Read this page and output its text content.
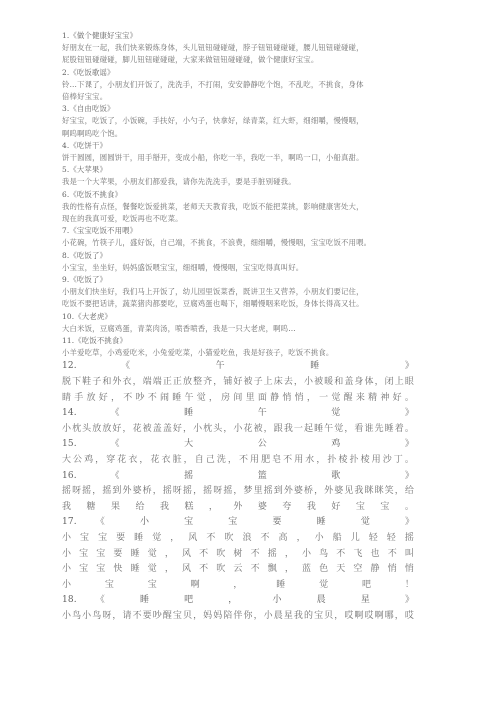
1.《做个健康好宝宝》
好朋友在一起，我们快来锻炼身体，头儿钮钮碰碰碰，脖子钮钮碰碰碰，腰儿钮钮碰碰碰，
屁股钮钮碰碰碰，脚儿钮钮碰碰碰，大家来做钮钮碰碰碰，做个健康好宝宝。
2.《吃饭歌谣》
铃…下课了，小朋友们开饭了，洗洗手，不打闹，安安静静吃个饱，不乱吃，不挑食，身体
倍棒好宝宝。
3.《自由吃饭》
好宝宝，吃饭了，小饭碗，手扶好，小勺子，快拿好，绿青菜，红大虾，细细嚼，慢慢咽，
啊呜啊呜吃个饱。
4.《吃饼干》
饼干圆圆，圆圆饼干，用手掰开，变成小船，你吃一半，我吃一半，啊呜一口，小船真甜。
5.《大苹果》
我是一个大苹果，小朋友们都爱我，请你先洗洗手，要是手脏别碰我。
6.《吃饭不挑食》
我的性格有点怪，餐餐吃饭爱挑菜，老师天天教育我，吃饭不能把菜挑，影响健康害处大，
现在的我真可爱，吃饭再也不吃菜。
7.《宝宝吃饭不用喂》
小花碗，竹筷子儿，盛好饭，自己端，不挑食，不浪费，细细嚼，慢慢咽，宝宝吃饭不用喂。
8.《吃饭了》
小宝宝，坐坐好，妈妈盛饭喂宝宝，细细嚼，慢慢咽，宝宝吃得真叫好。
9.《吃饭了》
小朋友们快坐好，我们马上开饭了，幼儿园里饭菜香，既讲卫生又营养，小朋友们要记住，
吃饭不要把话讲，蔬菜猪肉都要吃，豆腐鸡蛋也喝下，细嚼慢咽来吃饭，身体长得高又壮。
10.《大老虎》
大白米饭，豆腐鸡蛋，青菜肉汤，喷香喷香，我是一只大老虎，啊呜…
11.《吃饭不挑食》
小羊爱吃草，小鸡爱吃米，小兔爱吃菜，小猫爱吃鱼，我是好孩子，吃饭不挑食。
12.	《	午	睡	》
脱下鞋子和外衣，端端正正放整齐，铺好被子上床去，小被暖和盖身体，闭上眼
睛手放好，不吵不闹睡午觉，房间里面静悄悄，一觉醒来精神好。
14.	《	睡	午	觉	》
小枕头放放好，花被盖盖好，小枕头，小花被，跟我一起睡午觉，看谁先睡着。
15.	《	大	公	鸡	》
大公鸡，穿花衣，花衣脏，自己洗，不用肥皂不用水，扑棱扑棱用沙丁。
16.	《	摇	篮	歌	》
摇呀摇，摇到外婆桥，摇呀摇，摇呀摇，梦里摇到外婆桥，外婆见我眯眯笑，给
我糖果给我糕，外婆夸我好宝宝。
17. 《 小 宝 宝 要 睡 觉 》
小宝宝要睡觉，风不吹浪不高，小船儿轻轻摇
小宝宝要睡觉，风不吹树不摇，小鸟不飞也不叫
小宝宝快睡觉，风不吹云不飘，蓝色天空静悄悄
小宝宝啊，睡觉吧！
18. 《 睡 吧 ， 小 晨 星 》
小鸟小鸟呀，请不要吵醒宝贝，妈妈陪伴你，小晨星我的宝贝，哎啊哎啊哪，哎
